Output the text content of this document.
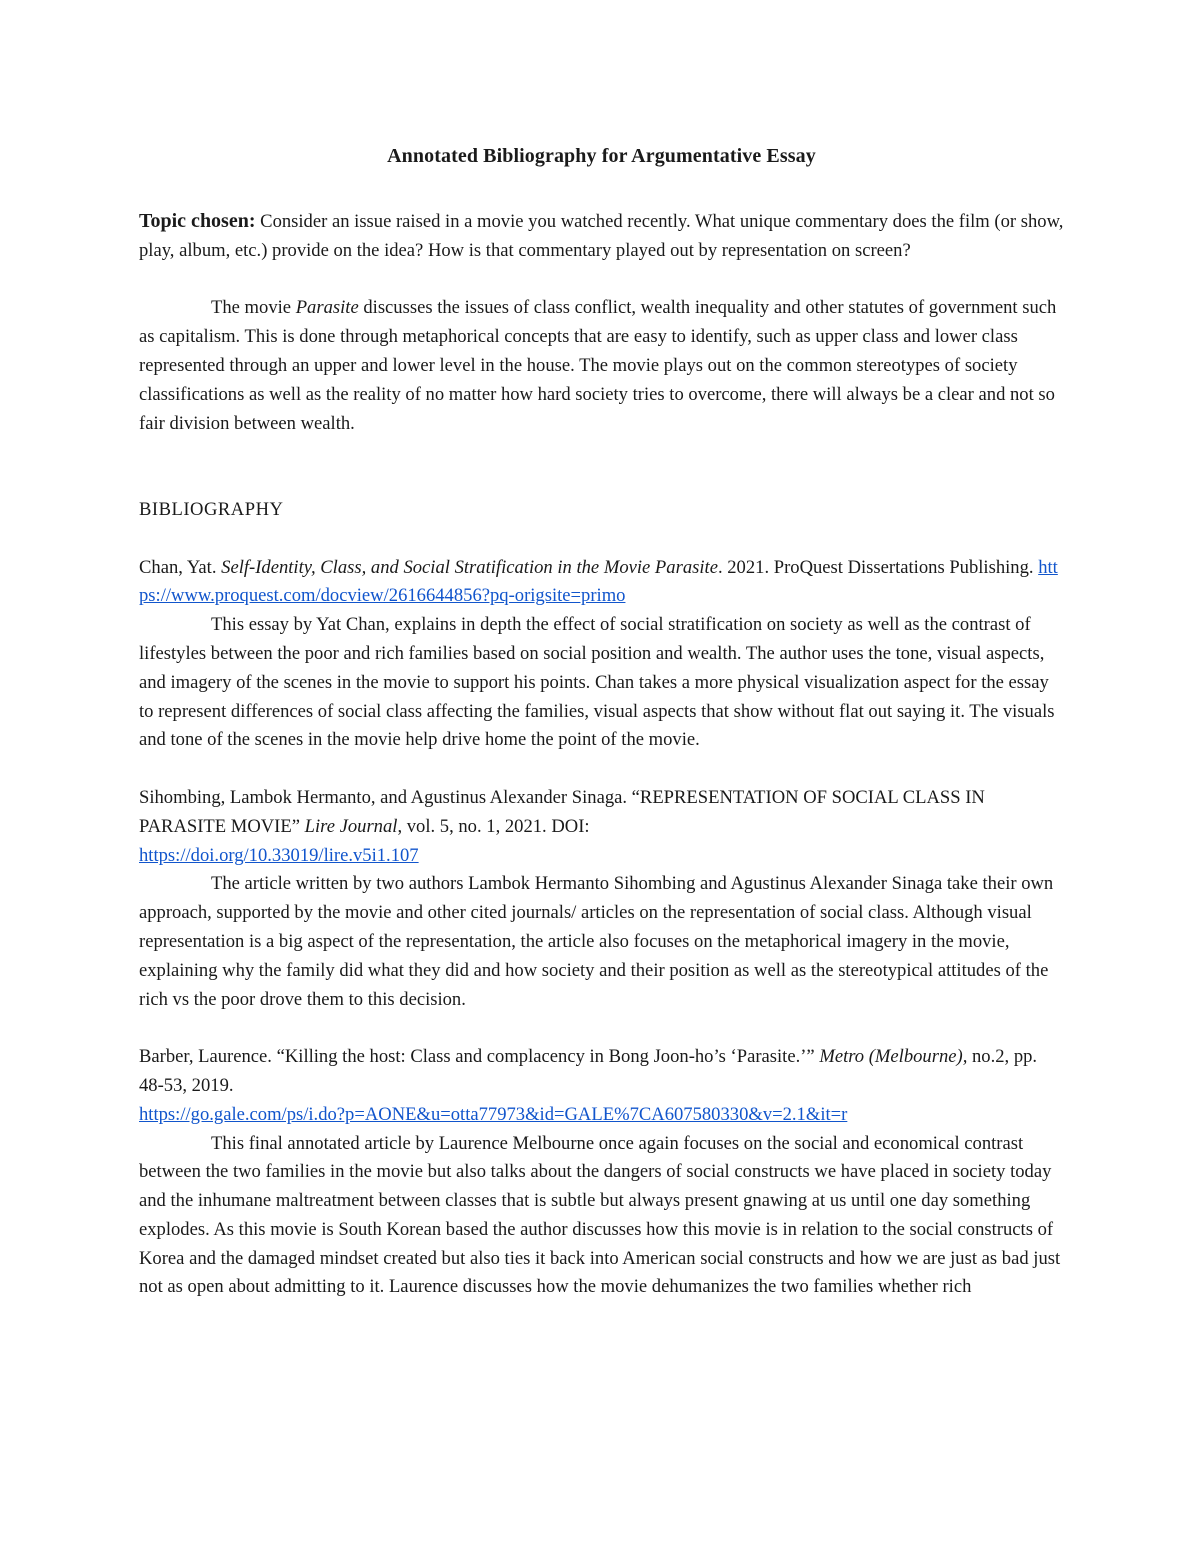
Annotated Bibliography for Argumentative Essay

Topic chosen: Consider an issue raised in a movie you watched recently. What unique commentary does the film (or show, play, album, etc.) provide on the idea? How is that commentary played out by representation on screen?

The movie Parasite discusses the issues of class conflict, wealth inequality and other statutes of government such as capitalism. This is done through metaphorical concepts that are easy to identify, such as upper class and lower class represented through an upper and lower level in the house. The movie plays out on the common stereotypes of society classifications as well as the reality of no matter how hard society tries to overcome, there will always be a clear and not so fair division between wealth.

BIBLIOGRAPHY

Chan, Yat. Self-Identity, Class, and Social Stratification in the Movie Parasite. 2021. ProQuest Dissertations Publishing. https://www.proquest.com/docview/2616644856?pq-origsite=primo

This essay by Yat Chan, explains in depth the effect of social stratification on society as well as the contrast of lifestyles between the poor and rich families based on social position and wealth. The author uses the tone, visual aspects, and imagery of the scenes in the movie to support his points. Chan takes a more physical visualization aspect for the essay to represent differences of social class affecting the families, visual aspects that show without flat out saying it. The visuals and tone of the scenes in the movie help drive home the point of the movie.

Sihombing, Lambok Hermanto, and Agustinus Alexander Sinaga. “REPRESENTATION OF SOCIAL CLASS IN PARASITE MOVIE” Lire Journal, vol. 5, no. 1, 2021. DOI:
https://doi.org/10.33019/lire.v5i1.107

The article written by two authors Lambok Hermanto Sihombing and Agustinus Alexander Sinaga take their own approach, supported by the movie and other cited journals/ articles on the representation of social class. Although visual representation is a big aspect of the representation, the article also focuses on the metaphorical imagery in the movie, explaining why the family did what they did and how society and their position as well as the stereotypical attitudes of the rich vs the poor drove them to this decision.

Barber, Laurence. “Killing the host: Class and complacency in Bong Joon-ho’s ‘Parasite.’” Metro (Melbourne), no.2, pp. 48-53, 2019.
https://go.gale.com/ps/i.do?p=AONE&u=otta77973&id=GALE%7CA607580330&v=2.1&it=r

This final annotated article by Laurence Melbourne once again focuses on the social and economical contrast between the two families in the movie but also talks about the dangers of social constructs we have placed in society today and the inhumane maltreatment between classes that is subtle but always present gnawing at us until one day something explodes. As this movie is South Korean based the author discusses how this movie is in relation to the social constructs of Korea and the damaged mindset created but also ties it back into American social constructs and how we are just as bad just not as open about admitting to it. Laurence discusses how the movie dehumanizes the two families whether rich
